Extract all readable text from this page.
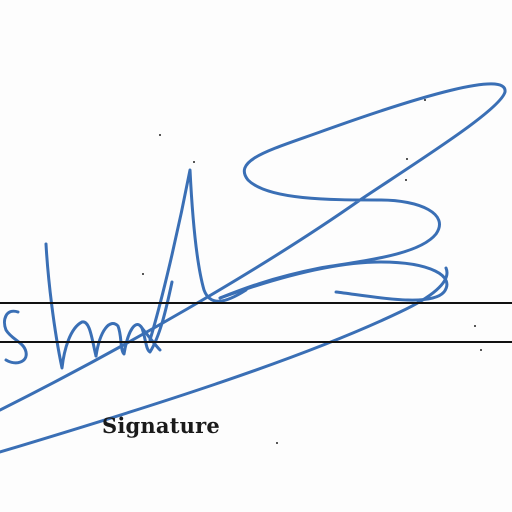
Signature
